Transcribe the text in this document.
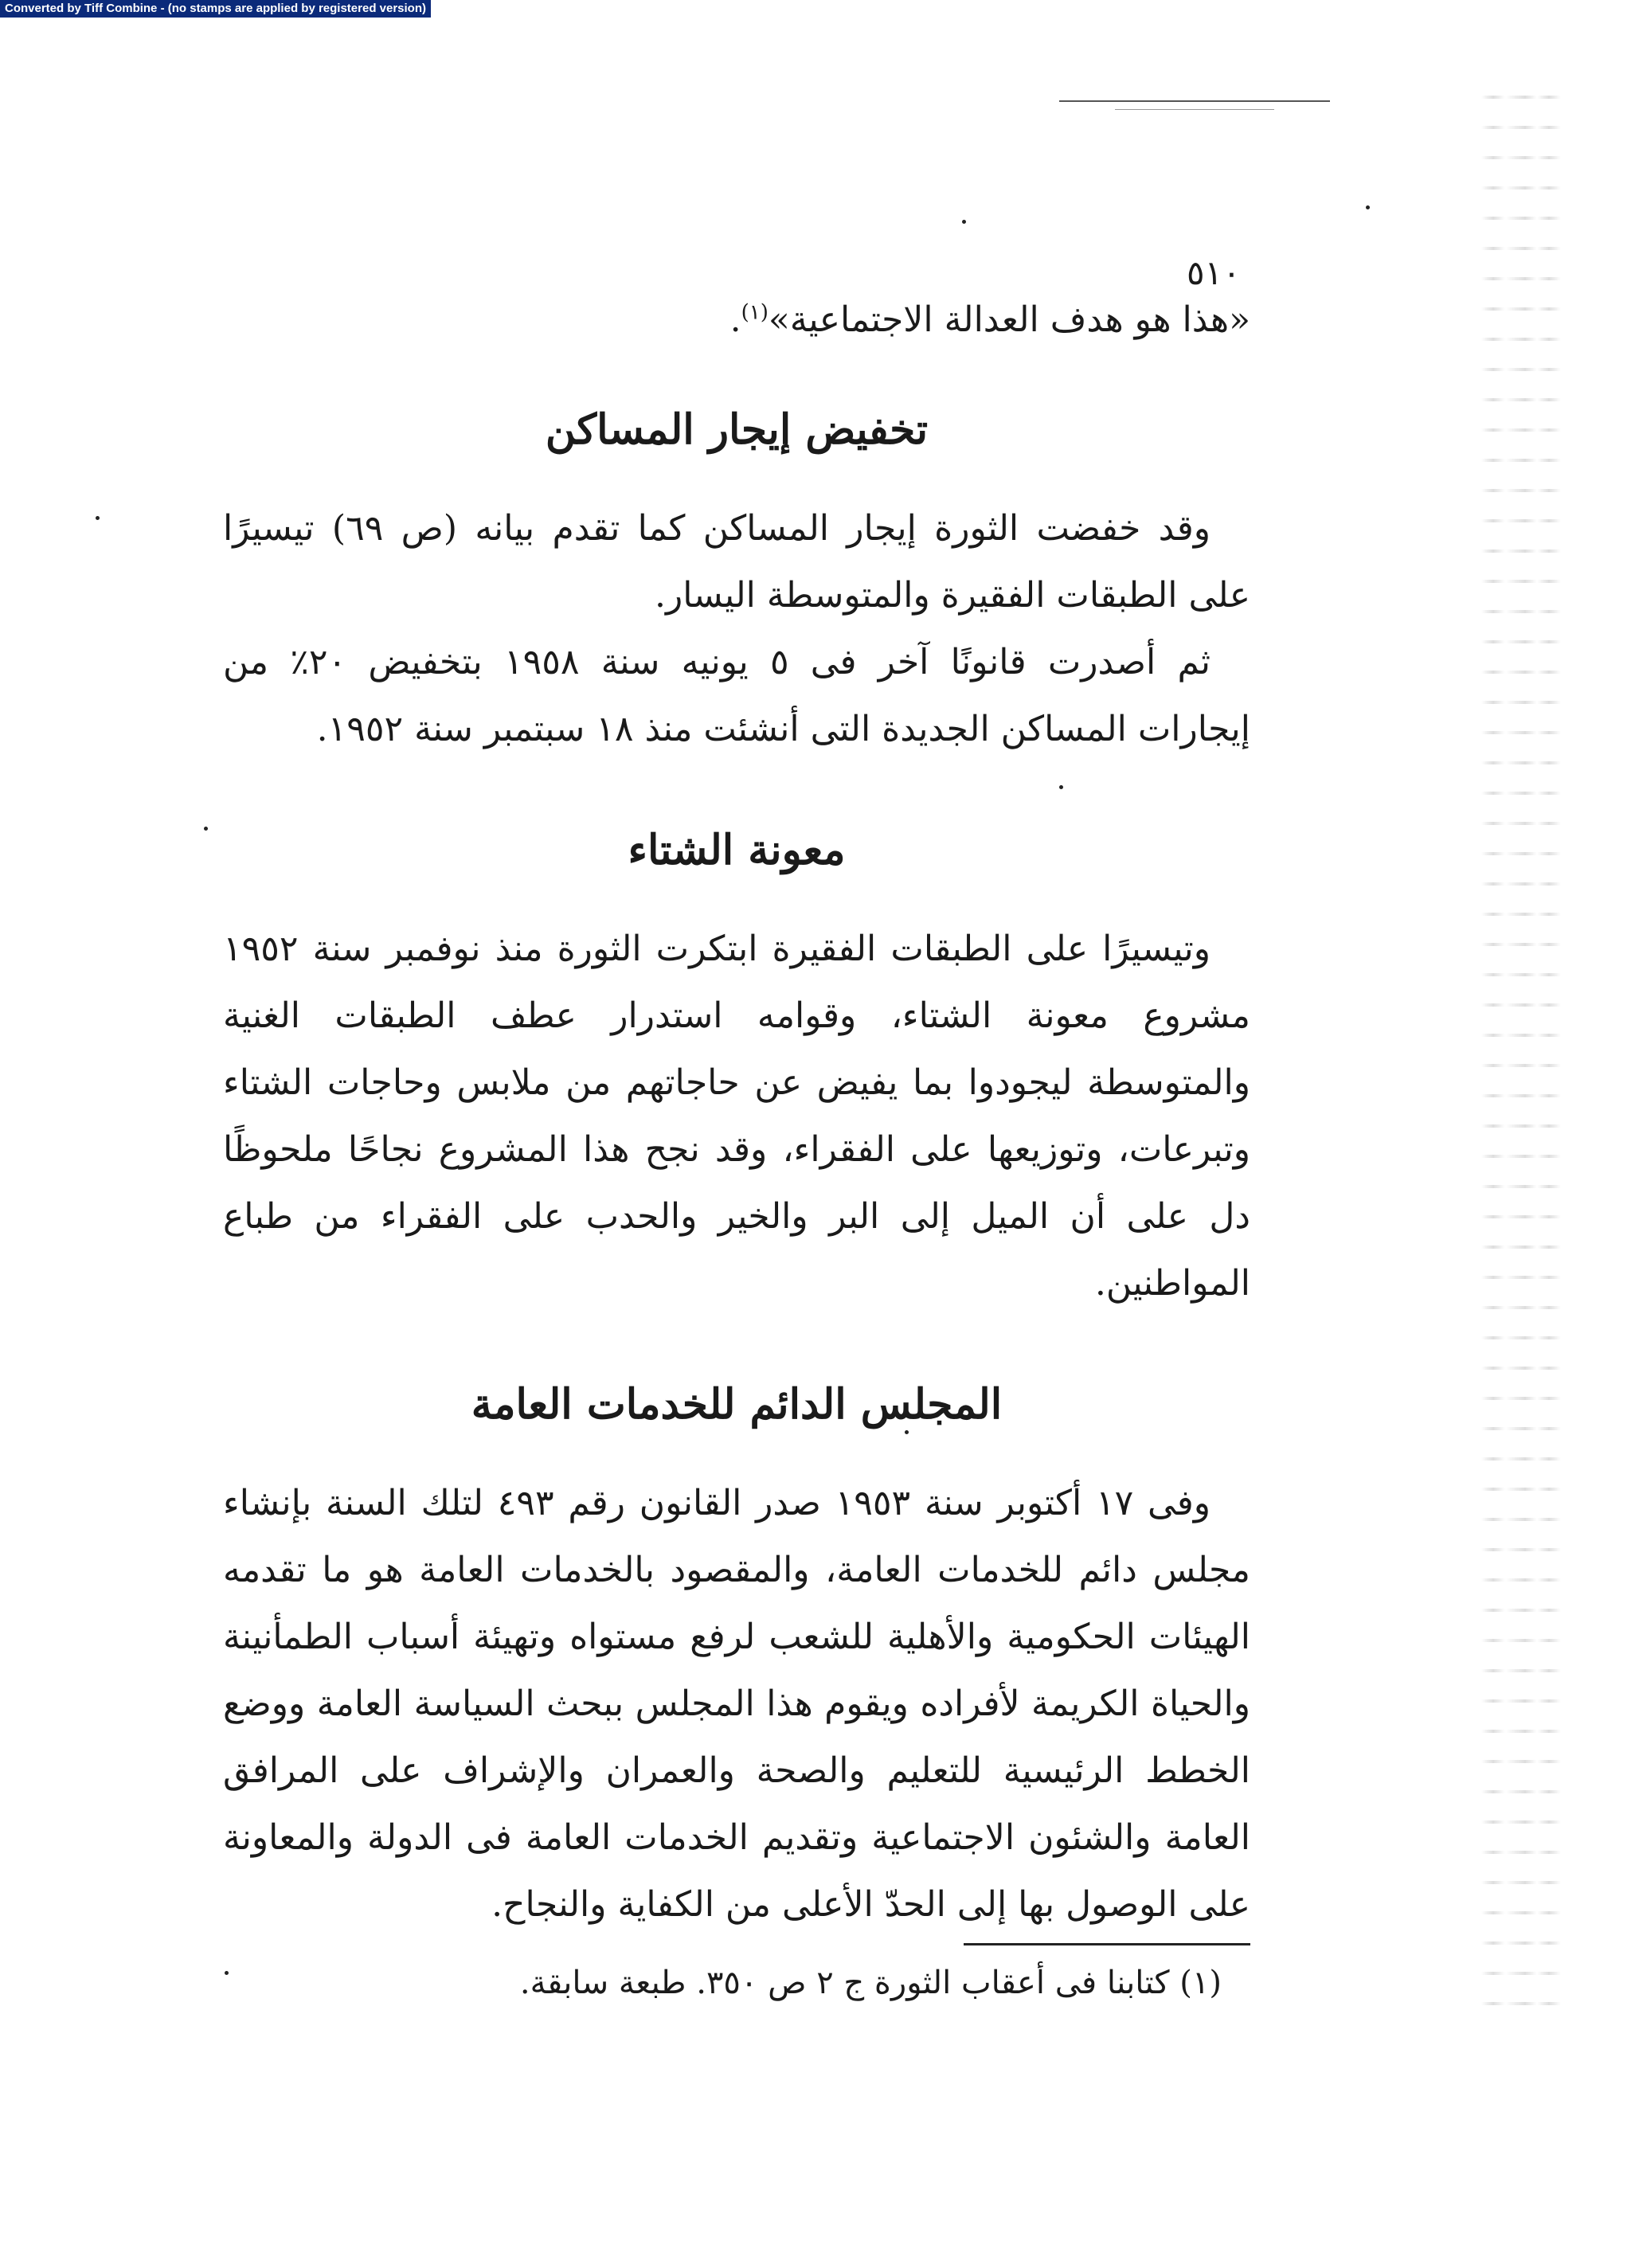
Converted by Tiff Combine - (no stamps are applied by registered version)
٥١٠

«هذا هو هدف العدالة الاجتماعية»$^{(١)}$.

تخفيض إيجار المساكن

وقد خفضت الثورة إيجار المساكن كما تقدم بيانه (ص ٦٩) تيسيرًا على الطبقات الفقيرة والمتوسطة اليسار.

ثم أصدرت قانونًا آخر فى ٥ يونيه سنة ١٩٥٨ بتخفيض ٢٠٪ من إيجارات المساكن الجديدة التى أنشئت منذ ١٨ سبتمبر سنة ١٩٥٢.

معونة الشتاء

وتيسيرًا على الطبقات الفقيرة ابتكرت الثورة منذ نوفمبر سنة ١٩٥٢ مشروع معونة الشتاء، وقوامه استدرار عطف الطبقات الغنية والمتوسطة ليجودوا بما يفيض عن حاجاتهم من ملابس وحاجات الشتاء وتبرعات، وتوزيعها على الفقراء، وقد نجح هذا المشروع نجاحًا ملحوظًا دل على أن الميل إلى البر والخير والحدب على الفقراء من طباع المواطنين.

المجلس الدائم للخدمات العامة

وفى ١٧ أكتوبر سنة ١٩٥٣ صدر القانون رقم ٤٩٣ لتلك السنة بإنشاء مجلس دائم للخدمات العامة، والمقصود بالخدمات العامة هو ما تقدمه الهيئات الحكومية والأهلية للشعب لرفع مستواه وتهيئة أسباب الطمأنينة والحياة الكريمة لأفراده ويقوم هذا المجلس ببحث السياسة العامة ووضع الخطط الرئيسية للتعليم والصحة والعمران والإشراف على المرافق العامة والشئون الاجتماعية وتقديم الخدمات العامة فى الدولة والمعاونة على الوصول بها إلى الحدّ الأعلى من الكفاية والنجاح.

(١) كتابنا فى أعقاب الثورة ج ٢ ص ٣٥٠. طبعة سابقة.
